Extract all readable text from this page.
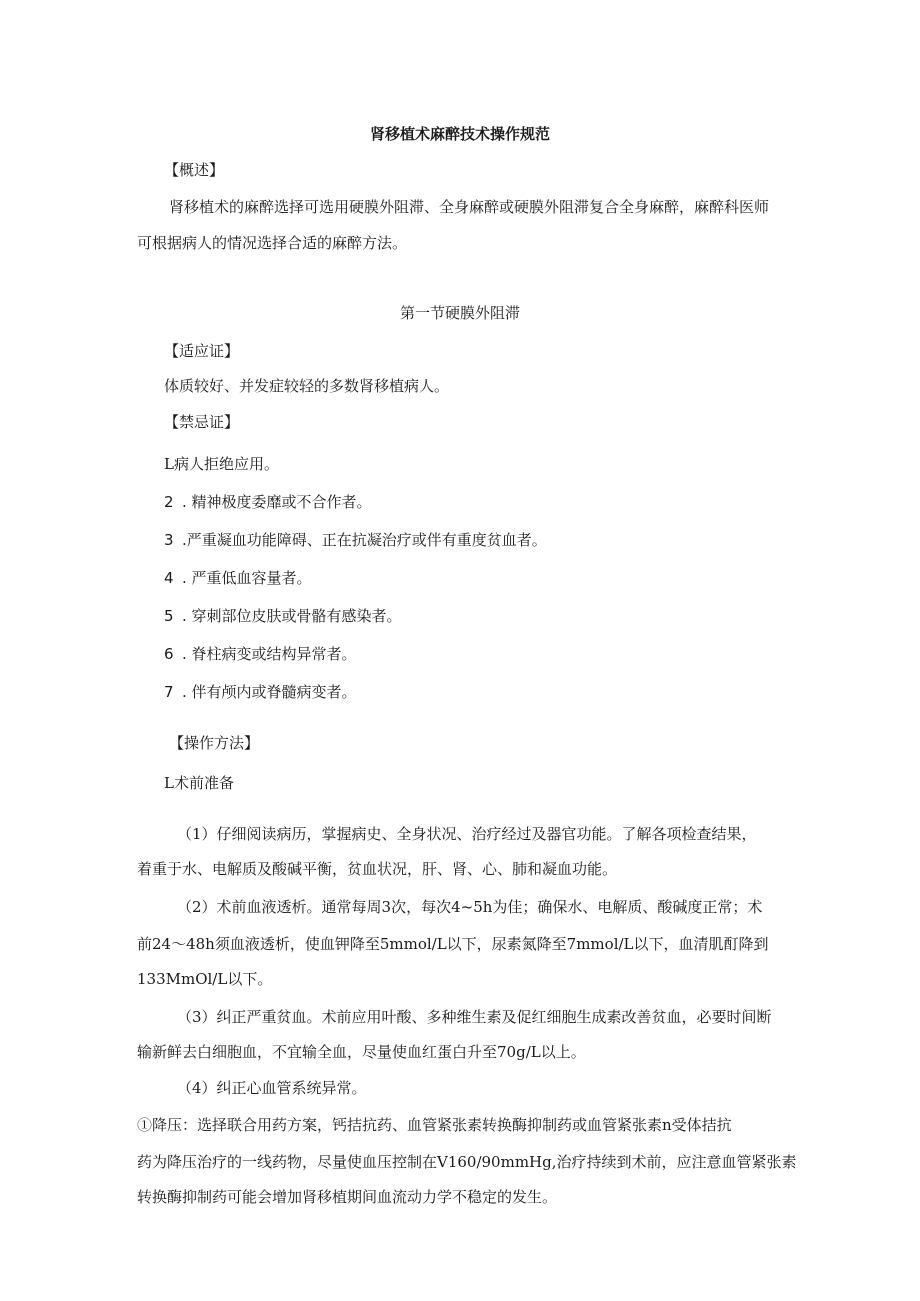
肾移植术麻醉技术操作规范
【概述】
肾移植术的麻醉选择可选用硬膜外阻滞、全身麻醉或硬膜外阻滞复合全身麻醉，麻醉科医师
可根据病人的情况选择合适的麻醉方法。
第一节硬膜外阻滞
【适应证】
体质较好、并发症较轻的多数肾移植病人。
【禁忌证】
L病人拒绝应用。
2 . 精神极度委靡或不合作者。
3 .严重凝血功能障碍、正在抗凝治疗或伴有重度贫血者。
4 . 严重低血容量者。
5 . 穿刺部位皮肤或骨骼有感染者。
6 . 脊柱病变或结构异常者。
7 . 伴有颅内或脊髓病变者。
【操作方法】
L术前准备
（1）仔细阅读病历，掌握病史、全身状况、治疗经过及器官功能。了解各项检查结果，
着重于水、电解质及酸碱平衡，贫血状况，肝、肾、心、肺和凝血功能。
（2）术前血液透析。通常每周3次，每次4~5h为佳；确保水、电解质、酸碱度正常；术
前24～48h须血液透析，使血钾降至5mmol∕L以下，尿素氮降至7mmol∕L以下，血清肌酊降到
133MmOl/L以下。
（3）纠正严重贫血。术前应用叶酸、多种维生素及促红细胞生成素改善贫血，必要时间断
输新鲜去白细胞血，不宜输全血，尽量使血红蛋白升至70g∕L以上。
（4）纠正心血管系统异常。
①降压：选择联合用药方案，钙拮抗药、血管紧张素转换酶抑制药或血管紧张素n受体拮抗
药为降压治疗的一线药物，尽量使血压控制在V160∕90mmHg,治疗持续到术前，应注意血管紧张素
转换酶抑制药可能会增加肾移植期间血流动力学不稳定的发生。
